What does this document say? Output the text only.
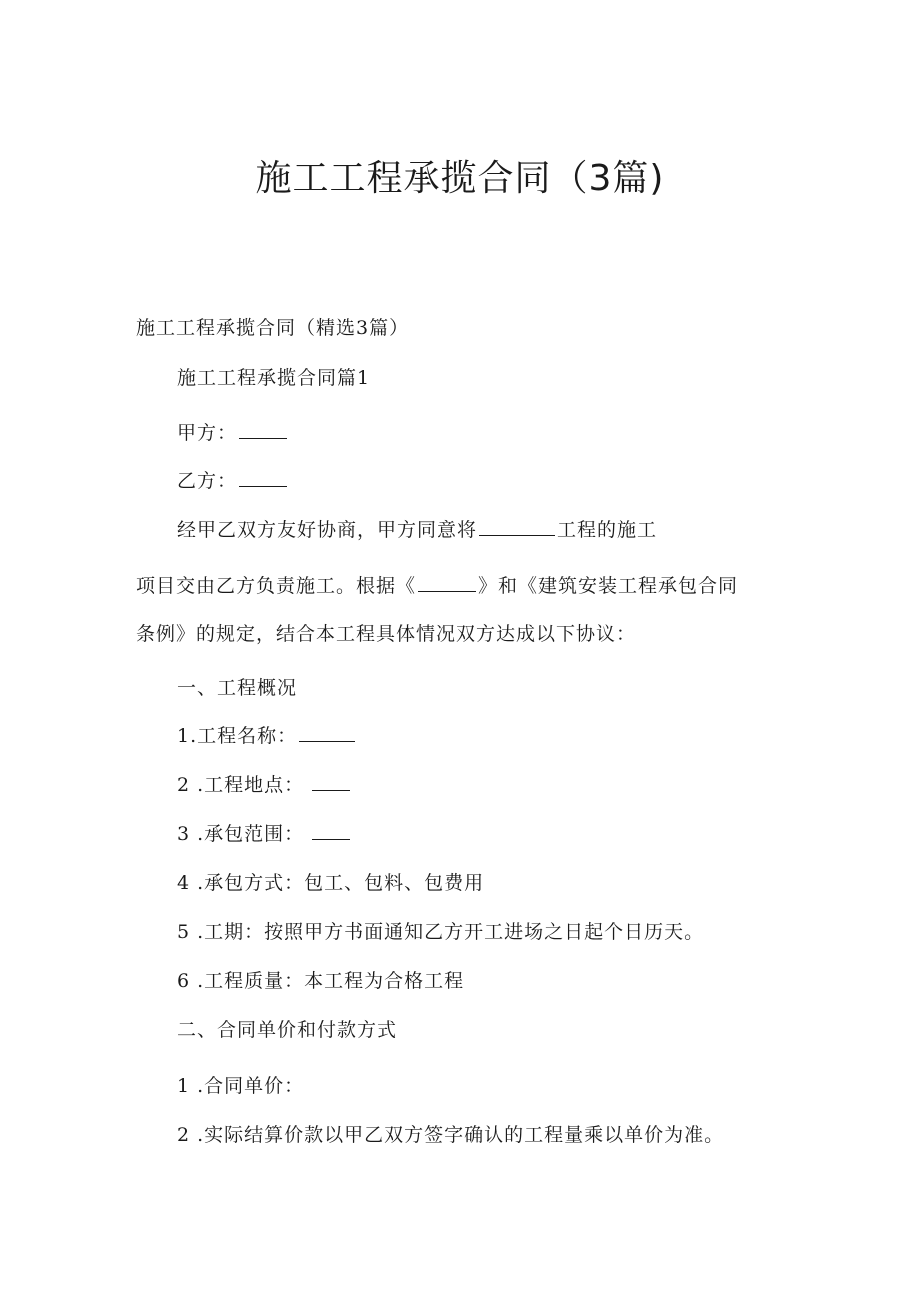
施工工程承揽合同（3篇)
施工工程承揽合同（精选3篇）
施工工程承揽合同篇1
甲方：
乙方：
经甲乙双方友好协商，甲方同意将	工程的施工
项目交由乙方负责施工。根据《	》和《建筑安装工程承包合同
条例》的规定，结合本工程具体情况双方达成以下协议：
一、工程概况
1.工程名称：
2 .工程地点：
3 .承包范围：
4 .承包方式：包工、包料、包费用
5 .工期：按照甲方书面通知乙方开工进场之日起个日历天。
6 .工程质量：本工程为合格工程
二、合同单价和付款方式
1 .合同单价：
2 .实际结算价款以甲乙双方签字确认的工程量乘以单价为准。
